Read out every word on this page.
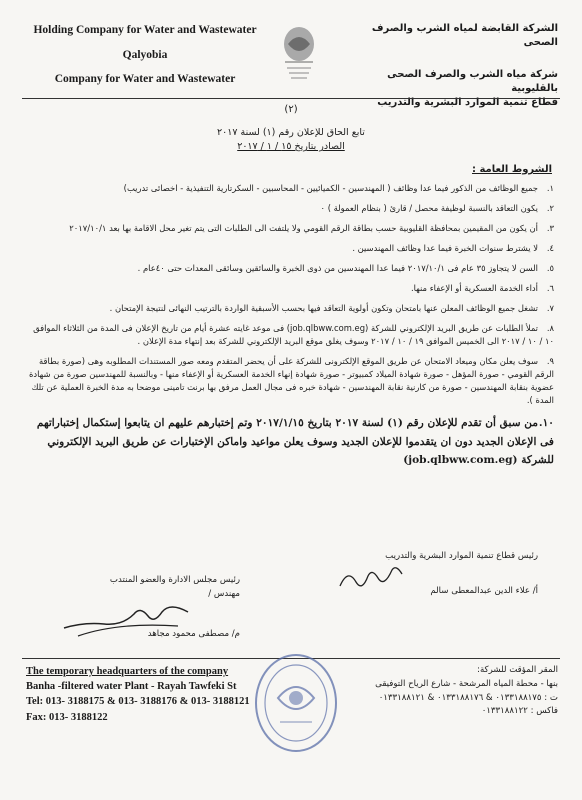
Holding Company for Water and Wastewater
Qalyobia
Company for Water and Wastewater
الشركة القابضة لمياه الشرب والصرف الصحى
شركة مياه الشرب والصرف الصحى بالقليوبية
قطاع تنمية الموارد البشرية والتدريب
(٢)
تابع الحاق للإعلان رقم (١) لسنة ٢٠١٧
الصادر بتاريخ ١٥ / ١ / ٢٠١٧
الشروط العامة :
١.جميع الوظائف من الذكور فيما عدا وظائف ( المهندسين - الكميائيين - المحاسبين - السكرتارية التنفيذية - اخصائى تدريب)
٢.يكون التعاقد بالنسبة لوظيفة محصل / قارئ ( بنظام العمولة ) ٠
٣.أن يكون من المقيمين بمحافظة القليوبية حسب بطاقة الرقم القومي ولا يلتفت الى الطلبات التى يتم تغير محل الاقامة بها بعد ٢٠١٧/١٠/١
٤.لا يشترط سنوات الخبرة فيما عدا وظائف المهندسين .
٥.السن لا يتجاوز ٣٥ عام فى ٢٠١٧/١٠/١ فيما عدا المهندسين من ذوى الخبرة والسائقين وسائقى المعدات حتى ٤٠عام .
٦.أداء الخدمة العسكرية أو الإعفاء منها.
٧.تشغل جميع الوظائف المعلن عنها بامتحان وتكون أولوية التعاقد فيها بحسب الأسبقية الواردة بالترتيب النهائى لنتيجة الإمتحان .
٨.تملأ الطلبات عن طريق البريد الإلكتروني للشركة (job.qlbww.com.eg) فى موعد غايته عشرة أيام من تاريخ الإعلان فى المدة من الثلاثاء الموافق ١٠ / ١٠ / ٢٠١٧ الى الخميس الموافق ١٩ / ١٠ / ٢٠١٧ وسوف يغلق موقع البريد الإلكتروني للشركة بعد إنتهاء مدة الإعلان .
٩.سوف يعلن مكان وميعاد الامتحان عن طريق الموقع الإلكترونى للشركة على أن يحضر المتقدم ومعه صور المستندات المطلوبه وهى (صورة بطاقة الرقم القومي - صورة المؤهل - صورة شهادة الميلاد كمبيوتر - صورة شهادة إنهاء الخدمة العسكرية أو الإعفاء منها - وبالنسبة للمهندسين صورة من شهادة عضوية بنقابة المهندسين - صورة من كارنية نقابة المهندسين - شهادة خبره فى مجال العمل مرفق بها برنت تامينى موضحا به مدة الخبرة العملية عن تلك المدة ).
١٠.من سبق أن تقدم للإعلان رقم (١) لسنة ٢٠١٧ بتاريخ ٢٠١٧/١/١٥ وتم إختبارهم عليهم ان يتابعوا إستكمال إختباراتهم فى الإعلان الجديد دون ان يتقدموا للإعلان الجديد وسوف يعلن مواعيد واماكن الإختبارات عن طريق البريد الإلكتروني للشركة (job.qlbww.com.eg)
رئيس قطاع تنمية الموارد البشرية والتدريب
أ/ علاء الدين عبدالمعطى سالم
رئيس مجلس الادارة والعضو المنتدب
مهندس /
م/ مصطفى محمود مجاهد
The temporary headquarters of the company
Banha -filtered water Plant - Rayah Tawfeki St
Tel: 013- 3188175 & 013- 3188176 & 013- 3188121
Fax: 013- 3188122
المقر المؤقت للشركة:
بنها - محطة المياه المرشحة - شارع الرياح التوفيقى
ت : ٠١٣٣١٨٨١٧٥ & ٠١٣٣١٨٨١٧٦ & ٠١٣٣١٨٨١٢١
فاكس : ٠١٣٣١٨٨١٢٢
